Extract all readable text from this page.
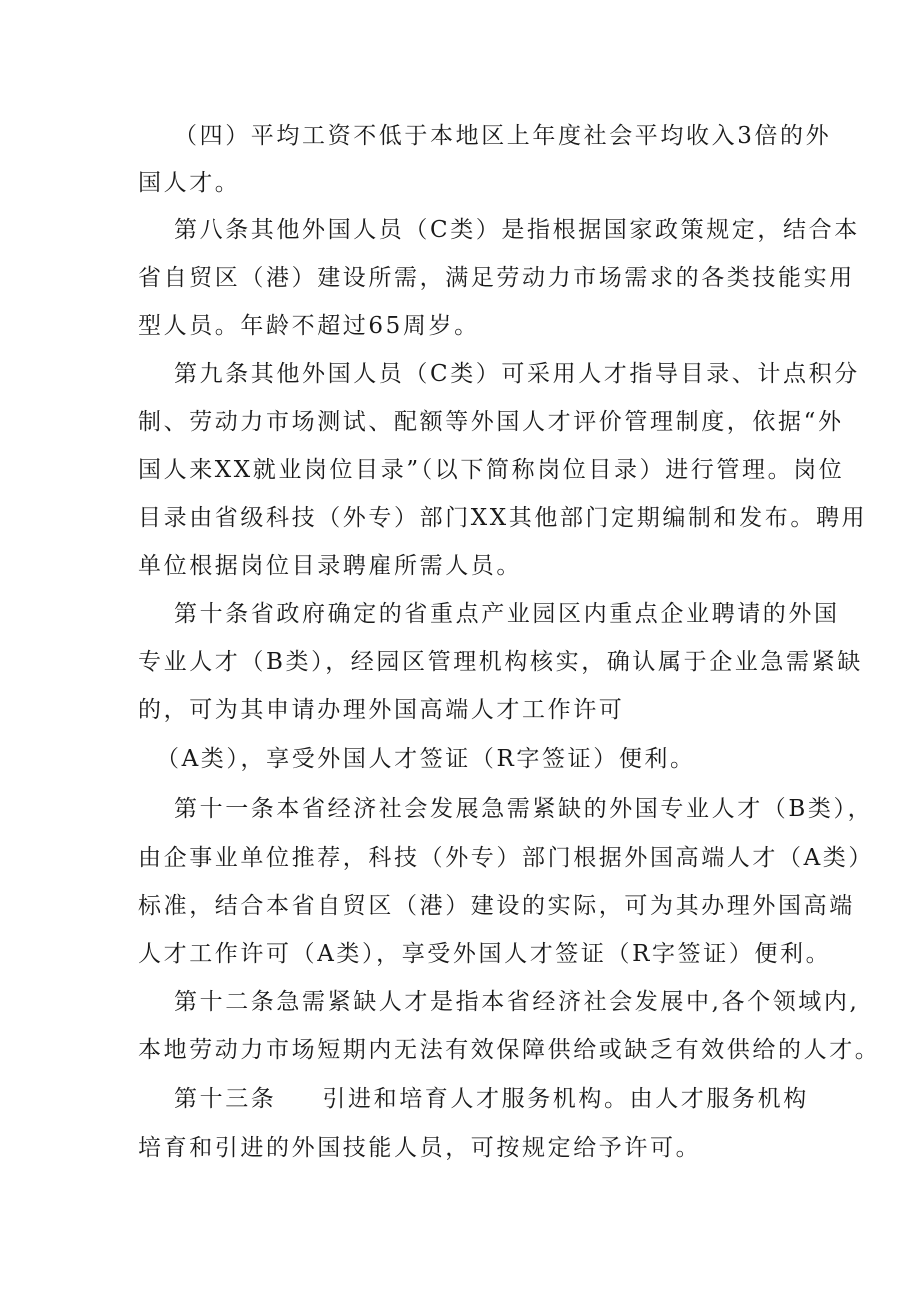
（四）平均工资不低于本地区上年度社会平均收入3倍的外

国人才。

第八条其他外国人员（C类）是指根据国家政策规定，结合本

省自贸区（港）建设所需，满足劳动力市场需求的各类技能实用

型人员。年龄不超过65周岁。

第九条其他外国人员（C类）可采用人才指导目录、计点积分

制、劳动力市场测试、配额等外国人才评价管理制度，依据“外

国人来XX就业岗位目录”（以下简称岗位目录）进行管理。岗位

目录由省级科技（外专）部门XX其他部门定期编制和发布。聘用

单位根据岗位目录聘雇所需人员。

第十条省政府确定的省重点产业园区内重点企业聘请的外国

专业人才（B类），经园区管理机构核实，确认属于企业急需紧缺

的，可为其申请办理外国高端人才工作许可

（A类），享受外国人才签证（R字签证）便利。

第十一条本省经济社会发展急需紧缺的外国专业人才（B类），

由企事业单位推荐，科技（外专）部门根据外国高端人才（A类）

标准，结合本省自贸区（港）建设的实际，可为其办理外国高端

人才工作许可（A类），享受外国人才签证（R字签证）便利。

第十二条急需紧缺人才是指本省经济社会发展中,各个领域内,

本地劳动力市场短期内无法有效保障供给或缺乏有效供给的人才。

第十三条 引进和培育人才服务机构。由人才服务机构

培育和引进的外国技能人员，可按规定给予许可。
